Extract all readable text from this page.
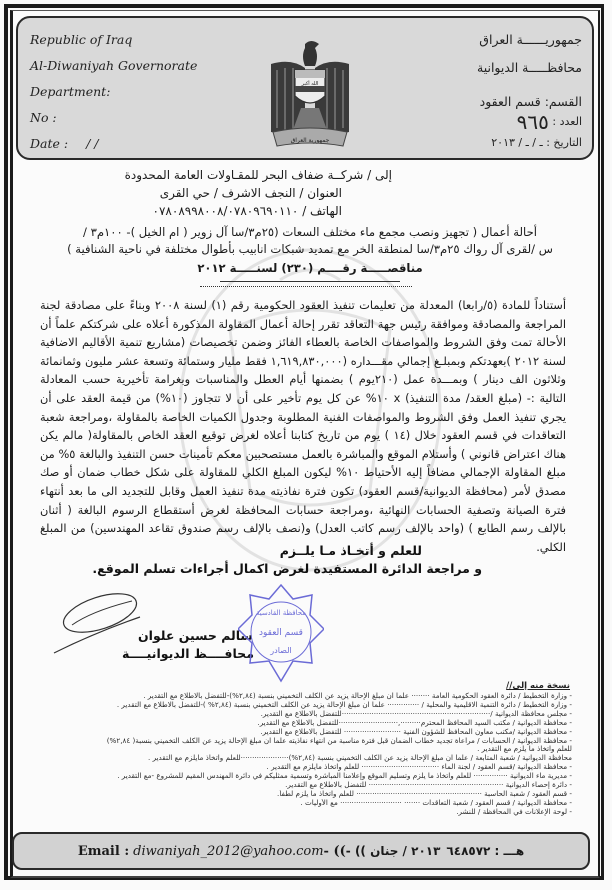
Republic of Iraq
Al-Diwaniyah Governorate
Department:
No :
Date : / /
جمهوريــــــة العراق
محافظـــــة الديوانية
القسم: قسم العقود
العدد : ٩٦٥
التاريخ : ـ / ـ / ٢٠١٣
الله أكبر
جمهورية العراق
إلى / شركــة ضفاف البحر للمقـاولات العامة المحدودة
العنوان / النجف الاشرف / حي القرى
الهاتف / ٠٧٨٠٨٩٩٨٠٠٨/٠٧٨٠٩٦٩٠١١٠
أحالة أعمال ( تجهيز ونصب مجمع ماء مختلف السعات (٢٥م٣/سا آل زوير ( ام الخيل )- ١٠٠م٣ /
س /لقرى آل رواك ٢٥م٣/سا لمنطقة الخر مع تمديد شبكات انابيب بأطوال مختلفة في ناحية الشنافية )
مناقصـــــة رقــــم (٢٣٠) لسنـــــة ٢٠١٢
أستناداً للمادة (٥/رابعا) المعدلة من تعليمات تنفيذ العقود الحكومية رقم (١) لسنة ٢٠٠٨ وبناءً على مصادقة لجنة المراجعة والمصادقة وموافقة رئيس جهة التعاقد تقرر إحالة أعمال المقاولة المذكورة أعلاه على شركتكم علماً أن الأحالة تمت وفق الشروط والمواصفات الخاصة بالعطاء الفائز وضمن تخصيصات (مشاريع تنمية الأقاليم الاضافية لسنة ٢٠١٢ )بعهدتكم وبمبلـغ إجمالي مقـــداره (١,٦١٩,٨٣٠,٠٠٠ فقط مليار وستمائة وتسعة عشر مليون وثمانمائة وثلاثون الف دينار ) وبمـــدة عمل (٢١٠يوم ) بضمنها أيام العطل والمناسبات وبغرامة تأخيرية حسب المعادلة التالية :- (مبلغ العقد/ مدة التنفيذ) x ١٠% عن كل يوم تأخير على أن لا تتجاوز (١٠%) من قيمة العقد على أن يجري تنفيذ العمل وفق الشروط والمواصفات الفنية المطلوبة وجدول الكميات الخاصة بالمقاولة ،ومراجعة شعبة التعاقدات في قسم العقود خلال (١٤ ) يوم من تاريخ كتابنا أعلاه لغرض توقيع العقد الخاص بالمقاولة( مالم يكن هناك اعتراض قانوني ) وأستلام الموقع والمباشرة بالعمل مستصحبين معكم تأمينات حسن التنفيذ والبالغة ٥% من مبلغ المقاولة الإجمالي مضافاً إليه الأحتياط ١٠% ليكون المبلغ الكلي للمقاولة على شكل خطاب ضمان أو صك مصدق لأمر (محافظة الديوانية/قسم العقود) تكون فترة نفاذيته مدة تنفيذ العمل وقابل للتجديد الى ما بعد أنتهاء فترة الصيانة وتصفية الحسابات النهائية ،ومراجعة حسابات المحافظة لغرض أستقطاع الرسوم البالغة ( أثنان بالإلف رسم الطابع ) (واحد بالإلف رسم كاتب العدل) و(نصف بالإلف رسم صندوق تقاعد المهندسين) من المبلغ الكلي.
للعلم و أتخـاذ مـا يلــزم
و مراجعة الدائرة المستفيدة لغرض اكمال أجراءات تسلم الموقع.
سالم حسين علوان
محافــــظ الديوانيــــة
محافظة القادسية
قسم العقود
الصادر
نسخة منه إلى//
- وزارة التخطيط / دائرة العقود الحكومية العامة ········ علما ان مبلغ الإحالة يزيد عن الكلف التخميني بنسبة (٢,٨٤%)-للتفضل بالاطلاع مع التقدير .
- وزارة التخطيط / دائرة التنمية الاقليمية والمحلية / ·············· علما ان مبلغ الإحالة يزيد عن الكلف التخميني بنسبة (٢,٨٤% )-للتفضل بالاطلاع مع التقدير .
- مجلس محافظة الديوانية /·································································للتفضل بالاطلاع مع التقدير.
- محافظة الديوانية / مكتب السيد المحافظ المحترم·········,··························للتفضل بالاطلاع مع التقدير.
- محافظة الديوانية /مكتب معاون المحافظ للشؤون الفنية ························· للتفضل بالاطلاع مع التقدير.
- محافظة الديوانية / الحسابات / مراعاة تجديد خطاب الضمان قبل فترة مناسبة من انتهاء نفاذيته علما ان مبلغ الإحالة يزيد عن الكلف التخميني بنسبة( ٢,٨٤%)
للعلم واتخاذ ما يلزم مع التقدير .
محافظة الديوانية / شعبة المتابعة / علما ان مبلغ الإحالة يزيد عن الكلف التخميني بنسبة (٢,٨٤%)·····················للعلم واتخاذ مايلزم مع التقدير .
- محافظة الديوانية /قسم العقود / لجنة الماء ·································· للعلم واتخاذ مايلزم مع التقدير .
- مديرية ماء الديوانية ··············· للعلم واتخاذ ما يلزم وتسليم الموقع وإعلامنا المباشرة وتسمية ممثليكم في دائرة المهندس المقيم للمشروع -مع التقدير .
- دائرة إحصاء الديوانية ··························································· للتفضل بالاطلاع مع التقدير.
- قسم العقود / شعبة الحاسبة ······················································· للعلم واتخاذ ما يلزم لطفاً.
- محافظة الديوانية / قسم العقود / شعبة التعاقدات ······· ··························· مع الأوليات .
- لوحة الإعلانات في المحافظة / للنشر.
Email : diwaniyah_2012@yahoo.com - (( ٢٠١٣ / جنان )) - هـــ : ٦٤٨٥٧٢
